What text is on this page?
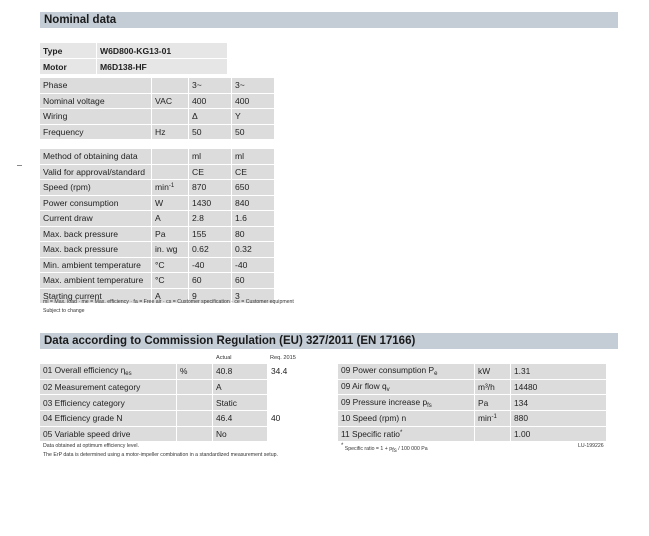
Nominal data
Type	W6D800-KG13-01
Motor	M6D138-HF
Phase		3~	3~
Nominal voltage	VAC	400	400
Wiring		Δ	Y
Frequency	Hz	50	50

Method of obtaining data		ml	ml
Valid for approval/standard		CE	CE
Speed (rpm)	$\min^{-1}$	870	650
Power consumption	W	1430	840
Current draw	A	2.8	1.6
Max. back pressure	Pa	155	80
Max. back pressure	in. wg	0.62	0.32
Min. ambient temperature	°C	-40	-40
Max. ambient temperature	°C	60	60
Starting current	A	9	3
ml = Max. load · me = Max. efficiency · fa = Free air · cs = Customer specification · ce = Customer equipment
Subject to change
Data according to Commission Regulation (EU) 327/2011 (EN 17166)
Actual	Req. 2015
01 Overall efficiency $\eta_{es}$	%	40.8	34.4
02 Measurement category		A	
03 Efficiency category		Static	
04 Efficiency grade N		46.4	40
05 Variable speed drive		No	
09 Power consumption $P_e$	kW	1.31
09 Air flow $q_v$	m³/h	14480
09 Pressure increase $p_{fs}$	Pa	134
10 Speed (rpm) n	$\min^{-1}$	880
11 Specific ratio*		1.00
Data obtained at optimum efficiency level.
The ErP data is determined using a motor-impeller combination in a standardized measurement setup.
* Specific ratio = $1 + p_{fs} / 100$ 000 Pa	LU-199226
